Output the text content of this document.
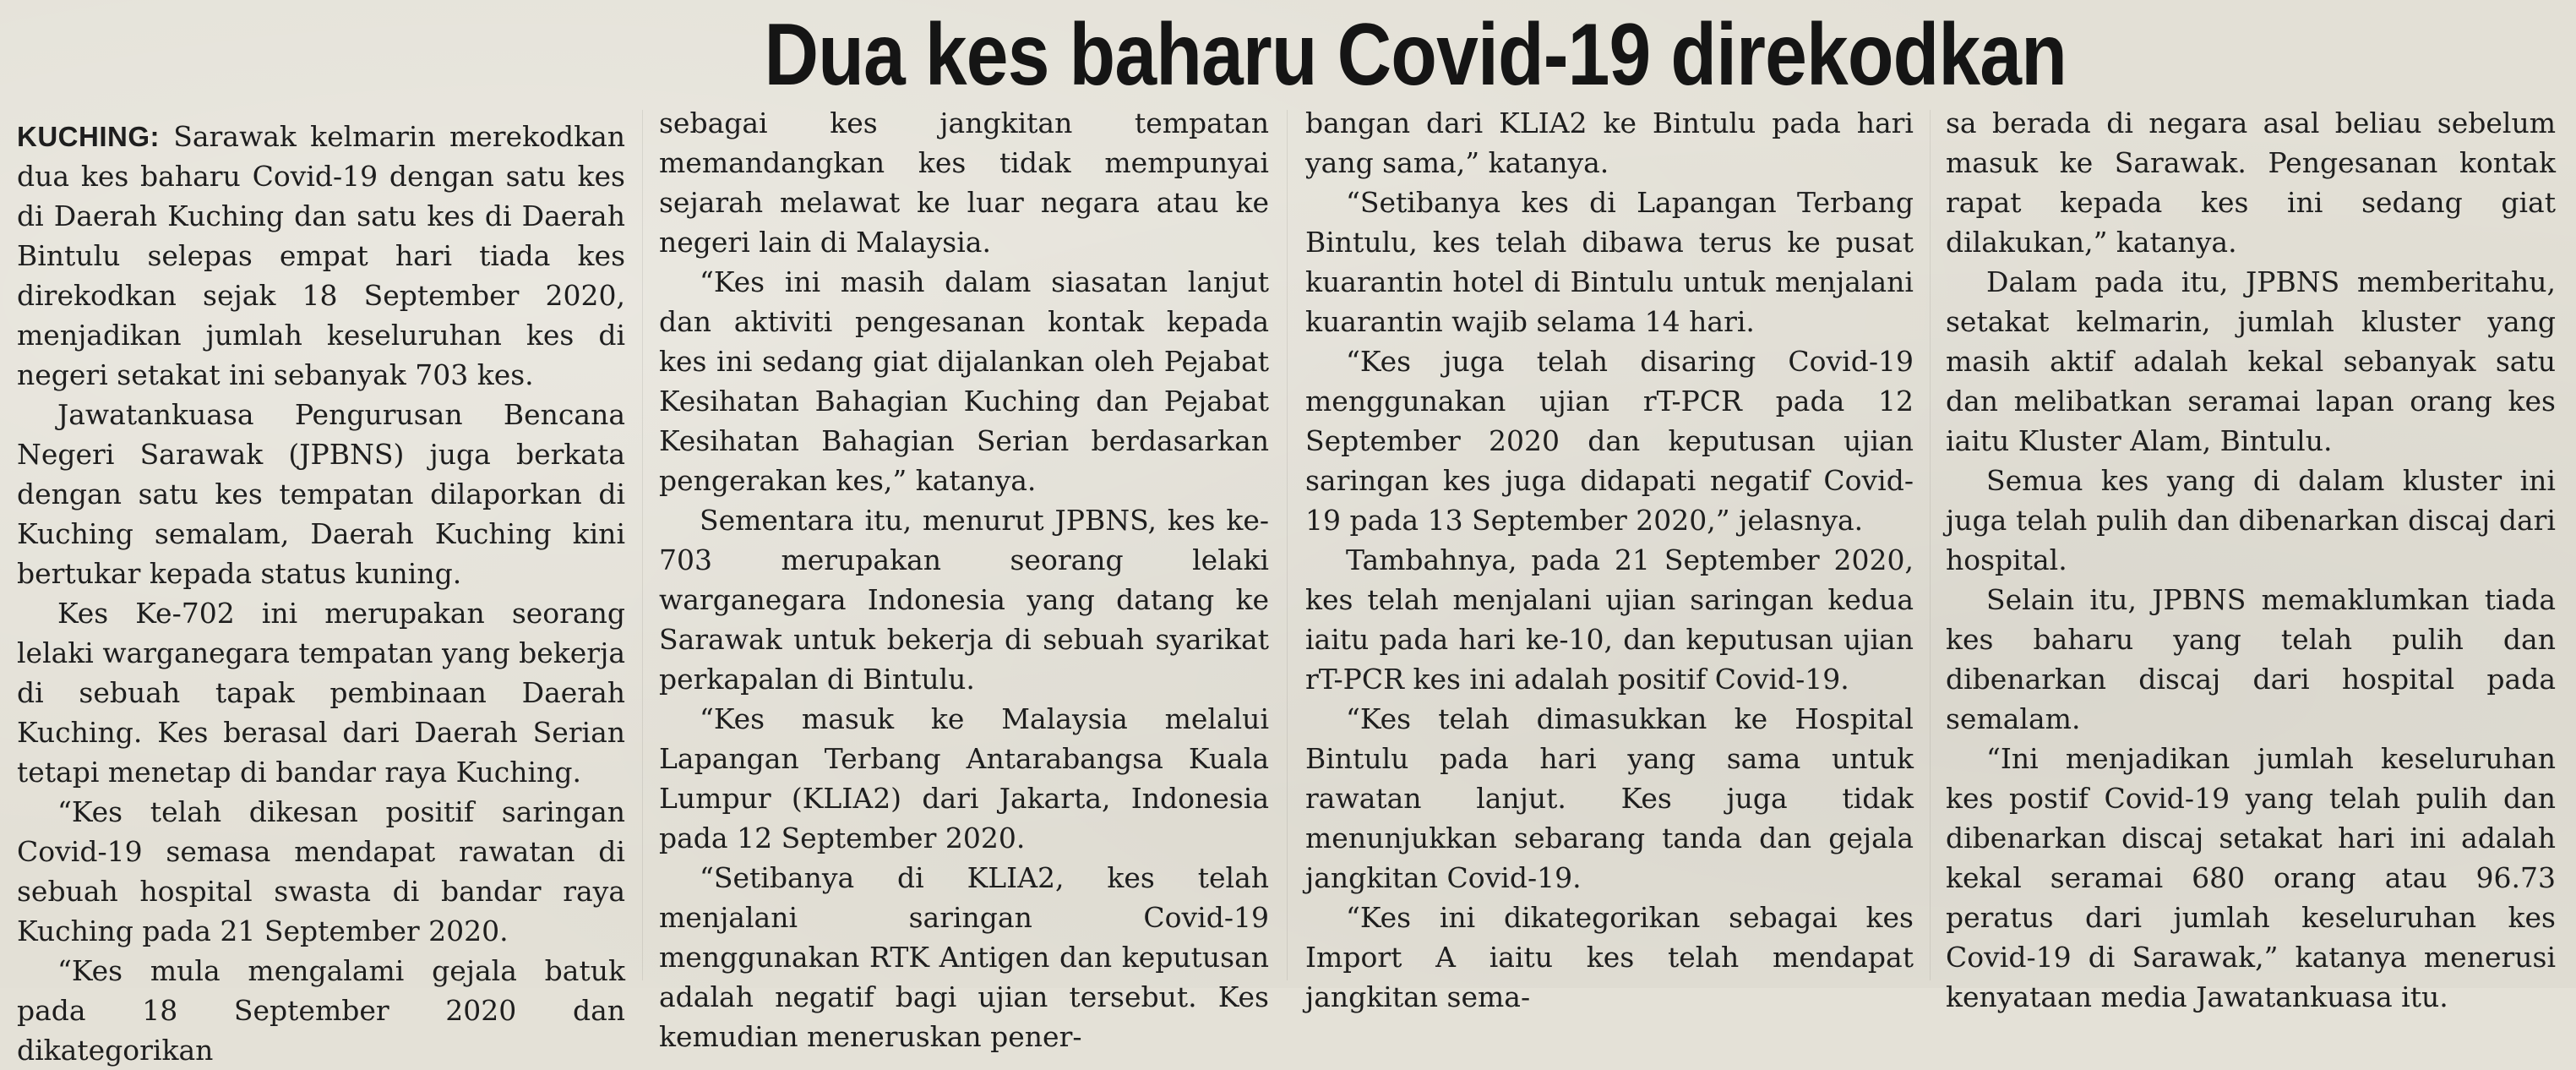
Dua kes baharu Covid-19 direkodkan

KUCHING: Sarawak kelmarin merekodkan dua kes baharu Covid-19 dengan satu kes di Daerah Kuching dan satu kes di Daerah Bintulu selepas empat hari tiada kes direkodkan sejak 18 September 2020, menjadikan jumlah keseluruhan kes di negeri setakat ini sebanyak 703 kes.

Jawatankuasa Pengurusan Bencana Negeri Sarawak (JPBNS) juga berkata dengan satu kes tempatan dilaporkan di Kuching semalam, Daerah Kuching kini bertukar kepada status kuning.

Kes Ke-702 ini merupakan seorang lelaki warganegara tempatan yang bekerja di sebuah tapak pembinaan Daerah Kuching. Kes berasal dari Daerah Serian tetapi menetap di bandar raya Kuching.

“Kes telah dikesan positif saringan Covid-19 semasa mendapat rawatan di sebuah hospital swasta di bandar raya Kuching pada 21 September 2020.

“Kes mula mengalami gejala batuk pada 18 September 2020 dan dikategorikan

sebagai kes jangkitan tempatan memandangkan kes tidak mempunyai sejarah melawat ke luar negara atau ke negeri lain di Malaysia.

“Kes ini masih dalam siasatan lanjut dan aktiviti pengesanan kontak kepada kes ini sedang giat dijalankan oleh Pejabat Kesihatan Bahagian Kuching dan Pejabat Kesihatan Bahagian Serian berdasarkan pengerakan kes,” katanya.

Sementara itu, menurut JPBNS, kes ke-703 merupakan seorang lelaki warganegara Indonesia yang datang ke Sarawak untuk bekerja di sebuah syarikat perkapalan di Bintulu.

“Kes masuk ke Malaysia melalui Lapangan Terbang Antarabangsa Kuala Lumpur (KLIA2) dari Jakarta, Indonesia pada 12 September 2020.

“Setibanya di KLIA2, kes telah menjalani saringan Covid-19 menggunakan RTK Antigen dan keputusan adalah negatif bagi ujian tersebut. Kes kemudian meneruskan pener-

bangan dari KLIA2 ke Bintulu pada hari yang sama,” katanya.

“Setibanya kes di Lapangan Terbang Bintulu, kes telah dibawa terus ke pusat kuarantin hotel di Bintulu untuk menjalani kuarantin wajib selama 14 hari.

“Kes juga telah disaring Covid-19 menggunakan ujian rT-PCR pada 12 September 2020 dan keputusan ujian saringan kes juga didapati negatif Covid-19 pada 13 September 2020,” jelasnya.

Tambahnya, pada 21 September 2020, kes telah menjalani ujian saringan kedua iaitu pada hari ke-10, dan keputusan ujian rT-PCR kes ini adalah positif Covid-19.

“Kes telah dimasukkan ke Hospital Bintulu pada hari yang sama untuk rawatan lanjut. Kes juga tidak menunjukkan sebarang tanda dan gejala jangkitan Covid-19.

“Kes ini dikategorikan sebagai kes Import A iaitu kes telah mendapat jangkitan sema-

sa berada di negara asal beliau sebelum masuk ke Sarawak. Pengesanan kontak rapat kepada kes ini sedang giat dilakukan,” katanya.

Dalam pada itu, JPBNS memberitahu, setakat kelmarin, jumlah kluster yang masih aktif adalah kekal sebanyak satu dan melibatkan seramai lapan orang kes iaitu Kluster Alam, Bintulu.

Semua kes yang di dalam kluster ini juga telah pulih dan dibenarkan discaj dari hospital.

Selain itu, JPBNS memaklumkan tiada kes baharu yang telah pulih dan dibenarkan discaj dari hospital pada semalam.

“Ini menjadikan jumlah keseluruhan kes postif Covid-19 yang telah pulih dan dibenarkan discaj setakat hari ini adalah kekal seramai 680 orang atau 96.73 peratus dari jumlah keseluruhan kes Covid-19 di Sarawak,” katanya menerusi kenyataan media Jawatankuasa itu.
